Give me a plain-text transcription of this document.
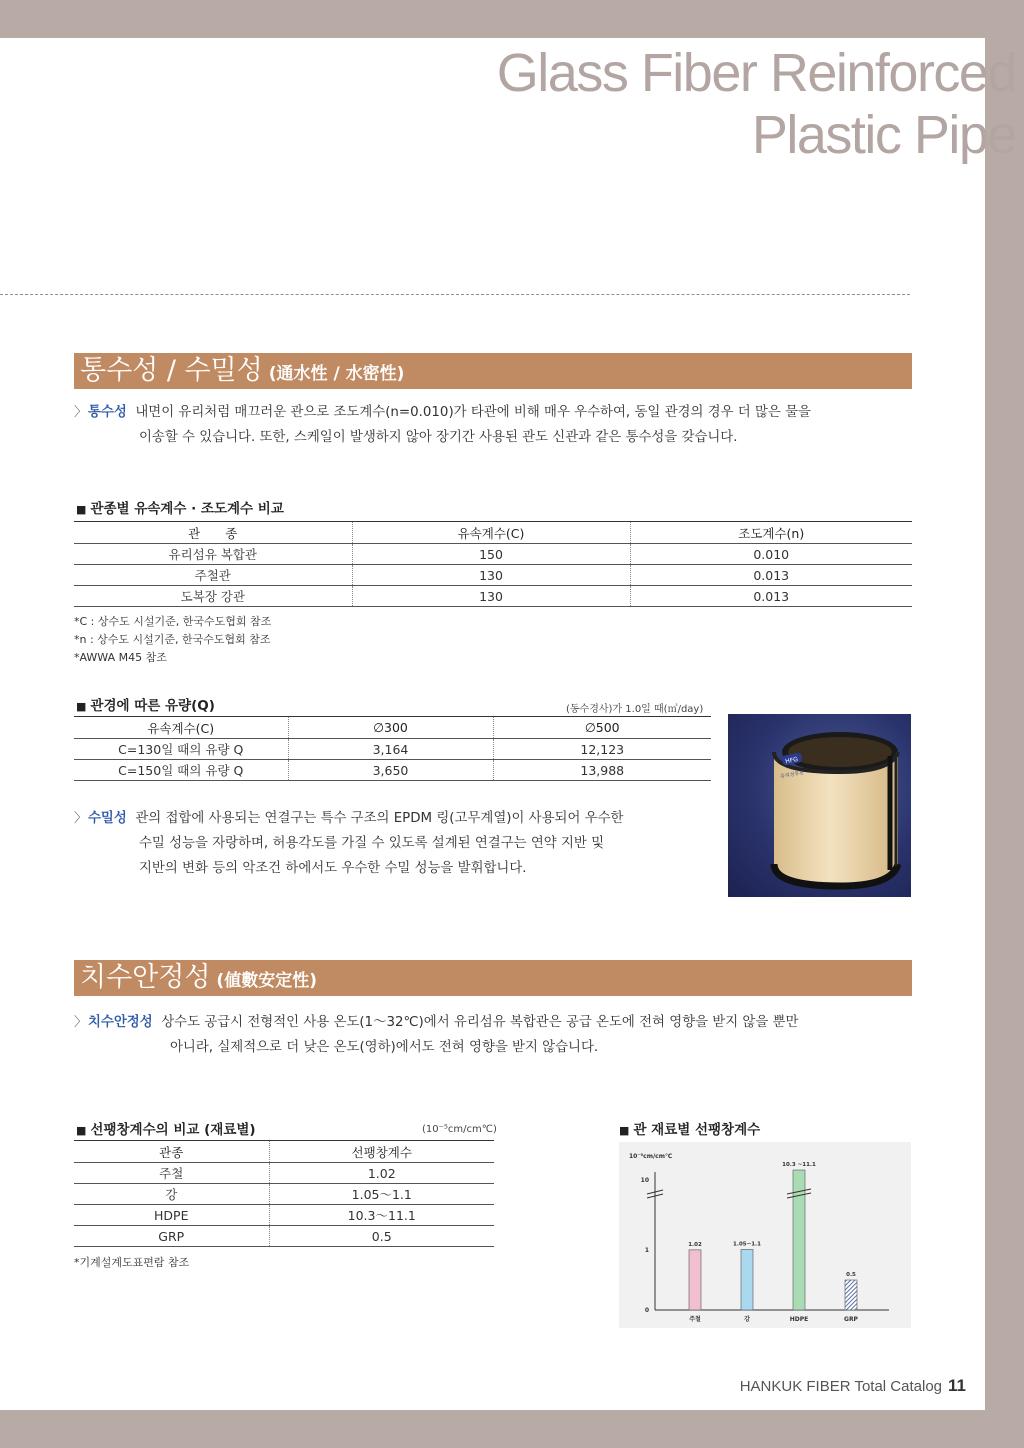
Glass Fiber Reinforced
Plastic Pipe
통수성 / 수밀성 (通水性 / 水密性)
〉 통수성 내면이 유리처럼 매끄러운 관으로 조도계수(n=0.010)가 타관에 비해 매우 우수하여, 동일 관경의 경우 더 많은 물을
이송할 수 있습니다. 또한, 스케일이 발생하지 않아 장기간 사용된 관도 신관과 같은 통수성을 갖습니다.
■ 관종별 유속계수 · 조도계수 비교
관　　종	유속계수(C)	조도계수(n)
유리섬유 복합관	150	0.010
주철관	130	0.013
도복장 강관	130	0.013
*C : 상수도 시설기준, 한국수도협회 참조
*n : 상수도 시설기준, 한국수도협회 참조
*AWWA M45 참조
■ 관경에 따른 유량(Q)	(동수경사)가 1.0일 때(㎥/day)
유속계수(C)	∅300	∅500
C=130일 때의 유량 Q	3,164	12,123
C=150일 때의 유량 Q	3,650	13,988
〉 수밀성 관의 접합에 사용되는 연결구는 특수 구조의 EPDM 링(고무계열)이 사용되어 우수한
수밀 성능을 자랑하며, 허용각도를 가질 수 있도록 설계된 연결구는 연약 지반 및
지반의 변화 등의 악조건 하에서도 우수한 수밀 성능을 발휘합니다.
HFG
유리섬유관
치수안정성 (値數安定性)
〉 치수안정성 상수도 공급시 전형적인 사용 온도(1～32℃)에서 유리섬유 복합관은 공급 온도에 전혀 영향을 받지 않을 뿐만
아니라, 실제적으로 더 낮은 온도(영하)에서도 전혀 영향을 받지 않습니다.
■ 선팽창계수의 비교 (재료별)	(10⁻⁵cm/cm℃)
관종	선팽창계수
주철	1.02
강	1.05～1.1
HDPE	10.3～11.1
GRP	0.5
*기계설계도표편람 참조
■ 관 재료별 선팽창계수
10⁻⁵cm/cm℃
0
1
10
1.02
주철
1.05~1.1
강
10.3 ~11.1
HDPE
0.5
GRP
HANKUK FIBER Total Catalog 11
